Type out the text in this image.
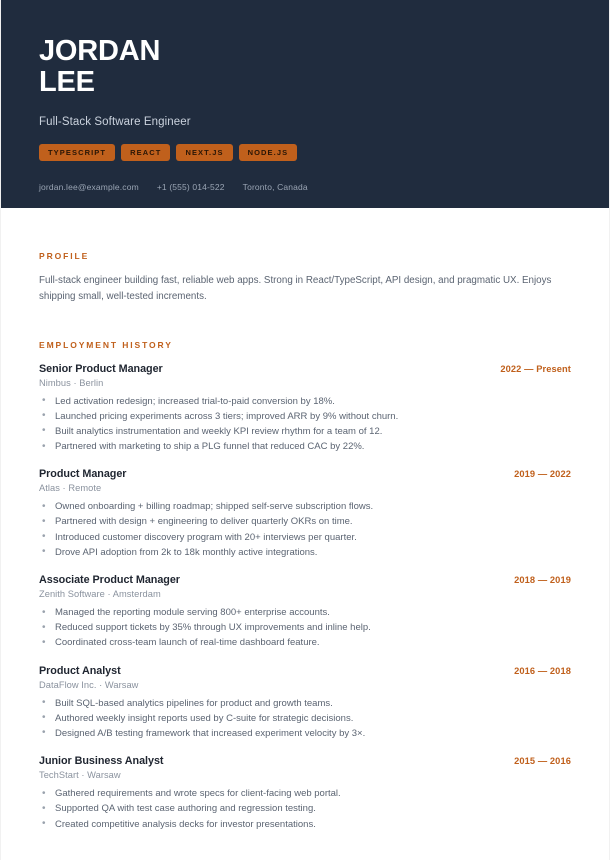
JORDAN
LEE
Full-Stack Software Engineer
TYPESCRIPT	REACT	NEXT.JS	NODE.JS
jordan.lee@example.com +1 (555) 014-522 Toronto, Canada
PROFILE

Full-stack engineer building fast, reliable web apps. Strong in React/TypeScript, API design, and pragmatic UX. Enjoys shipping small, well-tested increments.

EMPLOYMENT HISTORY
Senior Product Manager	2022 — Present
Nimbus · Berlin
• Led activation redesign; increased trial-to-paid conversion by 18%.
• Launched pricing experiments across 3 tiers; improved ARR by 9% without churn.
• Built analytics instrumentation and weekly KPI review rhythm for a team of 12.
• Partnered with marketing to ship a PLG funnel that reduced CAC by 22%.
Product Manager	2019 — 2022
Atlas · Remote
• Owned onboarding + billing roadmap; shipped self-serve subscription flows.
• Partnered with design + engineering to deliver quarterly OKRs on time.
• Introduced customer discovery program with 20+ interviews per quarter.
• Drove API adoption from 2k to 18k monthly active integrations.
Associate Product Manager	2018 — 2019
Zenith Software · Amsterdam
• Managed the reporting module serving 800+ enterprise accounts.
• Reduced support tickets by 35% through UX improvements and inline help.
• Coordinated cross-team launch of real-time dashboard feature.
Product Analyst	2016 — 2018
DataFlow Inc. · Warsaw
• Built SQL-based analytics pipelines for product and growth teams.
• Authored weekly insight reports used by C-suite for strategic decisions.
• Designed A/B testing framework that increased experiment velocity by 3×.
Junior Business Analyst	2015 — 2016
TechStart · Warsaw
• Gathered requirements and wrote specs for client-facing web portal.
• Supported QA with test case authoring and regression testing.
• Created competitive analysis decks for investor presentations.
